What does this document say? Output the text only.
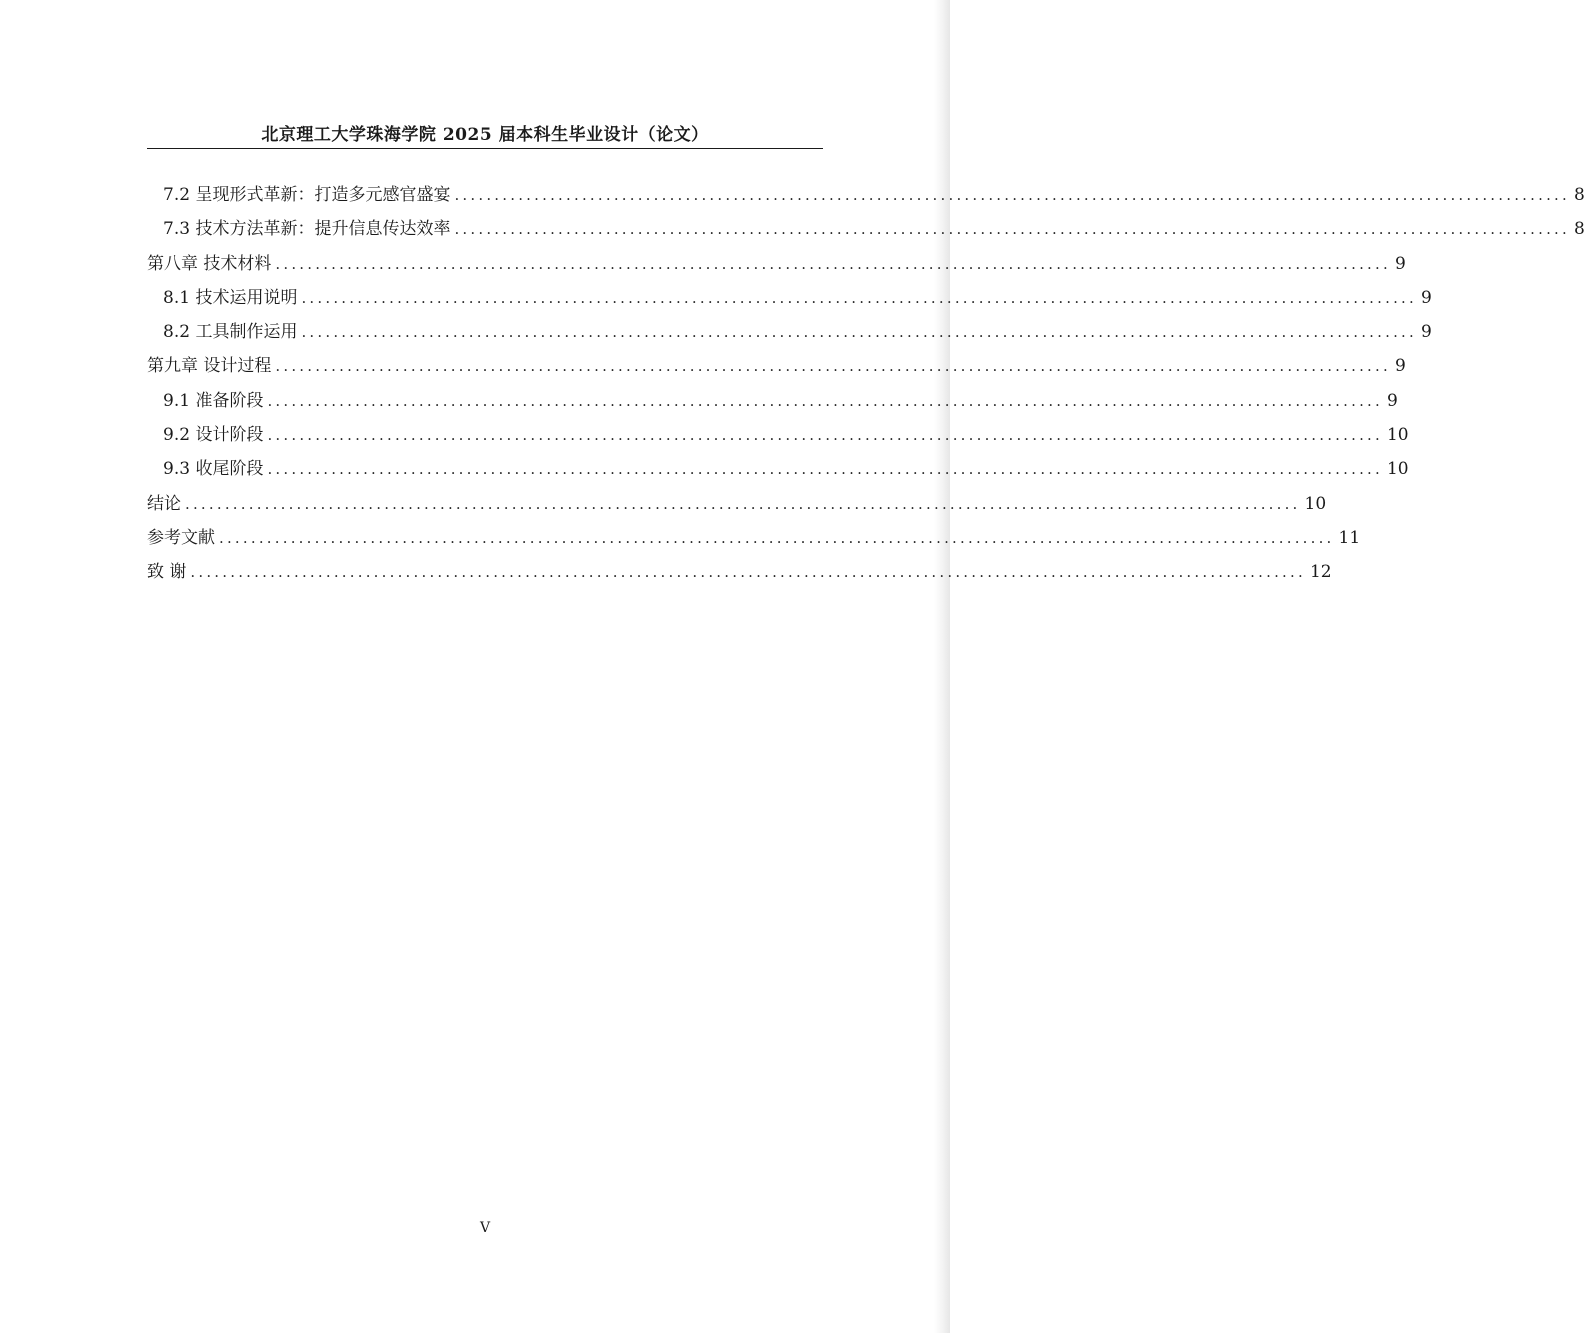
北京理工大学珠海学院 2025 届本科生毕业设计（论文）
7.2 呈现形式革新：打造多元感官盛宴 ............................................................................................................................................ 8
7.3 技术方法革新：提升信息传达效率 ............................................................................................................................................ 8
第八章 技术材料 ............................................................................................................................................ 9
8.1 技术运用说明 ............................................................................................................................................ 9
8.2 工具制作运用 ............................................................................................................................................ 9
第九章 设计过程 ............................................................................................................................................ 9
9.1 准备阶段 ............................................................................................................................................ 9
9.2 设计阶段 ............................................................................................................................................ 10
9.3 收尾阶段 ............................................................................................................................................ 10
结论 ............................................................................................................................................ 10
参考文献 ............................................................................................................................................ 11
致 谢 ............................................................................................................................................ 12
V
